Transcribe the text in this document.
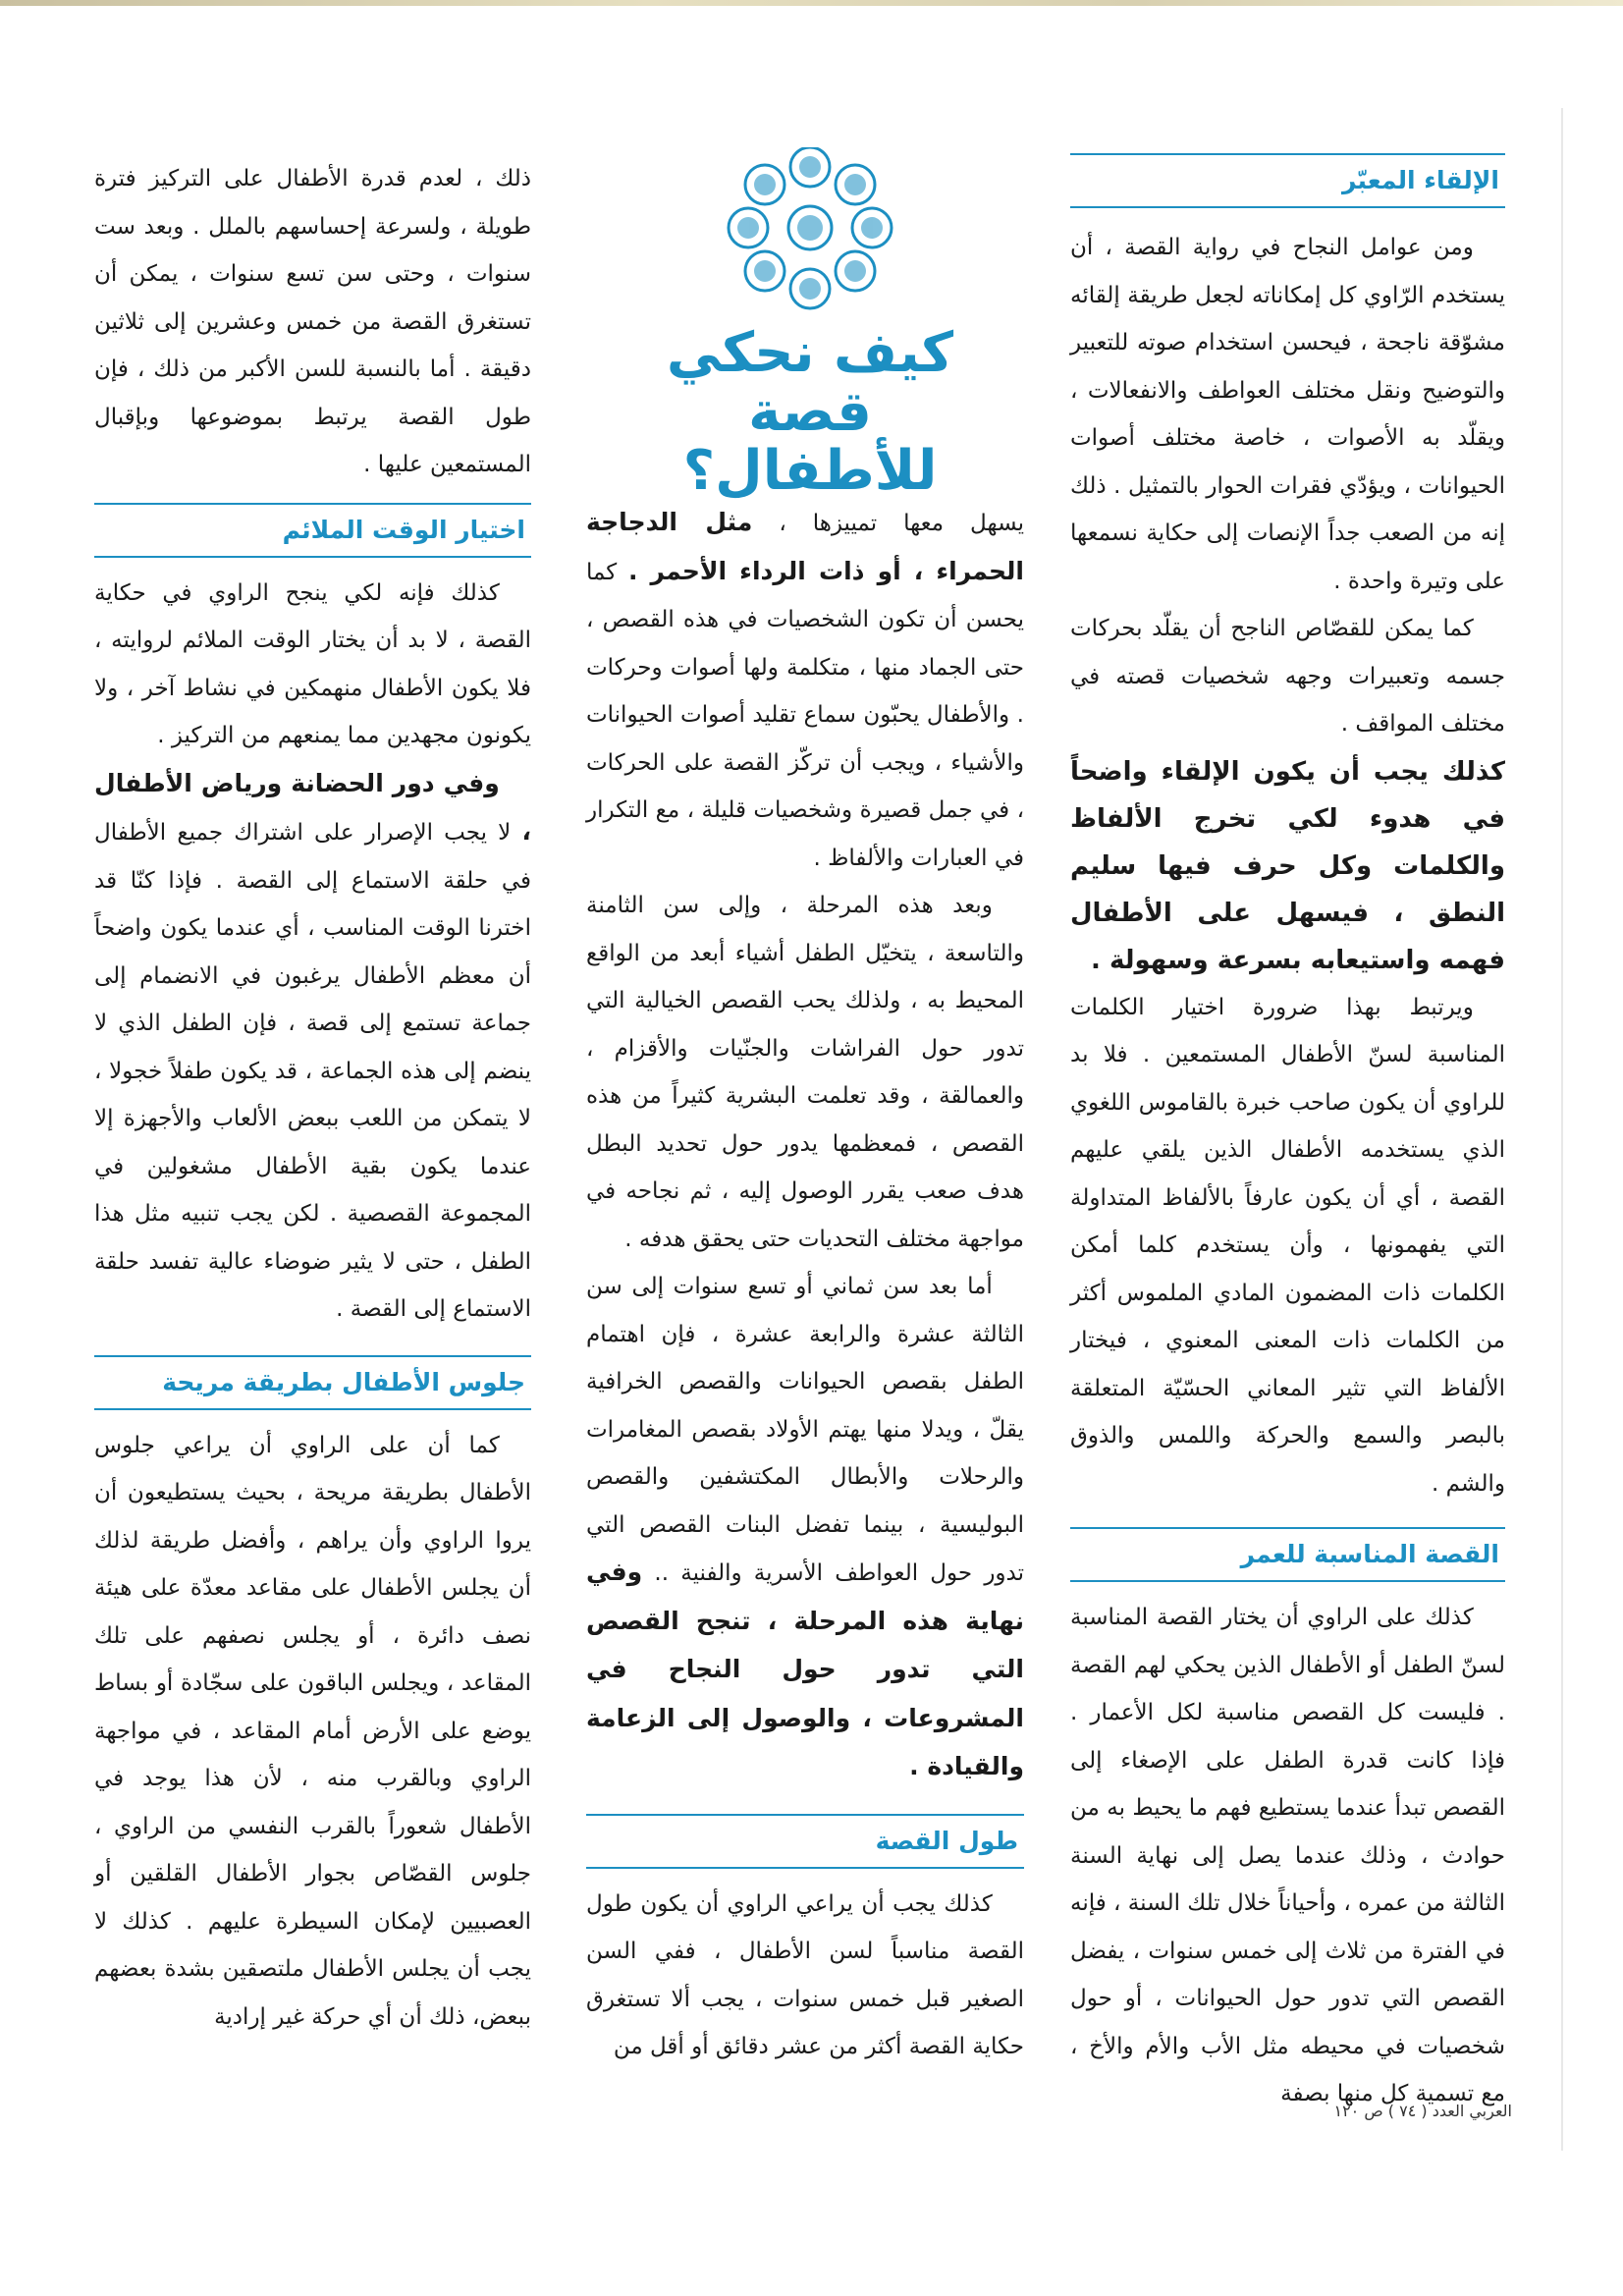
كيف نحكي
قصة للأطفال؟
الإلقاء المعبّر

ومن عوامل النجاح في رواية القصة ، أن يستخدم الرّاوي كل إمكاناته لجعل طريقة إلقائه مشوّقة ناجحة ، فيحسن استخدام صوته للتعبير والتوضيح ونقل مختلف العواطف والانفعالات ، ويقلّد به الأصوات ، خاصة مختلف أصوات الحيوانات ، ويؤدّي فقرات الحوار بالتمثيل . ذلك إنه من الصعب جداً الإنصات إلى حكاية نسمعها على وتيرة واحدة .

كما يمكن للقصّاص الناجح أن يقلّد بحركات جسمه وتعبيرات وجهه شخصيات قصته في مختلف المواقف .

كذلك يجب أن يكون الإلقاء واضحاً في هدوء لكي تخرج الألفاظ والكلمات وكل حرف فيها سليم النطق ، فيسهل على الأطفال فهمه واستيعابه بسرعة وسهولة .

ويرتبط بهذا ضرورة اختيار الكلمات المناسبة لسنّ الأطفال المستمعين . فلا بد للراوي أن يكون صاحب خبرة بالقاموس اللغوي الذي يستخدمه الأطفال الذين يلقي عليهم القصة ، أي أن يكون عارفاً بالألفاظ المتداولة التي يفهمونها ، وأن يستخدم كلما أمكن الكلمات ذات المضمون المادي الملموس أكثر من الكلمات ذات المعنى المعنوي ، فيختار الألفاظ التي تثير المعاني الحسّيّة المتعلقة بالبصر والسمع والحركة واللمس والذوق والشم .

القصة المناسبة للعمر

كذلك على الراوي أن يختار القصة المناسبة لسنّ الطفل أو الأطفال الذين يحكي لهم القصة . فليست كل القصص مناسبة لكل الأعمار . فإذا كانت قدرة الطفل على الإصغاء إلى القصص تبدأ عندما يستطيع فهم ما يحيط به من حوادث ، وذلك عندما يصل إلى نهاية السنة الثالثة من عمره ، وأحياناً خلال تلك السنة ، فإنه في الفترة من ثلاث إلى خمس سنوات ، يفضل القصص التي تدور حول الحيوانات ، أو حول شخصيات في محيطه مثل الأب والأم والأخ ، مع تسمية كل منها بصفة

يسهل معها تمييزها ، مثل الدجاجة الحمراء ، أو ذات الرداء الأحمر . كما يحسن أن تكون الشخصيات في هذه القصص ، حتى الجماد منها ، متكلمة ولها أصوات وحركات . والأطفال يحبّون سماع تقليد أصوات الحيوانات والأشياء ، ويجب أن تركّز القصة على الحركات ، في جمل قصيرة وشخصيات قليلة ، مع التكرار في العبارات والألفاظ .

وبعد هذه المرحلة ، وإلى سن الثامنة والتاسعة ، يتخيّل الطفل أشياء أبعد من الواقع المحيط به ، ولذلك يحب القصص الخيالية التي تدور حول الفراشات والجنّيات والأقزام ، والعمالقة ، وقد تعلمت البشرية كثيراً من هذه القصص ، فمعظمها يدور حول تحديد البطل هدف صعب يقرر الوصول إليه ، ثم نجاحه في مواجهة مختلف التحديات حتى يحقق هدفه .

أما بعد سن ثماني أو تسع سنوات إلى سن الثالثة عشرة والرابعة عشرة ، فإن اهتمام الطفل بقصص الحيوانات والقصص الخرافية يقلّ ، ويدلا منها يهتم الأولاد بقصص المغامرات والرحلات والأبطال المكتشفين والقصص البوليسية ، بينما تفضل البنات القصص التي تدور حول العواطف الأسرية والفنية .. وفي نهاية هذه المرحلة ، تنجح القصص التي تدور حول النجاح في المشروعات ، والوصول إلى الزعامة والقيادة .

طول القصة

كذلك يجب أن يراعي الراوي أن يكون طول القصة مناسباً لسن الأطفال ، ففي السن الصغير قبل خمس سنوات ، يجب ألا تستغرق حكاية القصة أكثر من عشر دقائق أو أقل من

ذلك ، لعدم قدرة الأطفال على التركيز فترة طويلة ، ولسرعة إحساسهم بالملل . وبعد ست سنوات ، وحتى سن تسع سنوات ، يمكن أن تستغرق القصة من خمس وعشرين إلى ثلاثين دقيقة . أما بالنسبة للسن الأكبر من ذلك ، فإن طول القصة يرتبط بموضوعها وبإقبال المستمعين عليها .

اختيار الوقت الملائم

كذلك فإنه لكي ينجح الراوي في حكاية القصة ، لا بد أن يختار الوقت الملائم لروايته ، فلا يكون الأطفال منهمكين في نشاط آخر ، ولا يكونون مجهدين مما يمنعهم من التركيز .

وفي دور الحضانة ورياض الأطفال ، لا يجب الإصرار على اشتراك جميع الأطفال في حلقة الاستماع إلى القصة . فإذا كنّا قد اخترنا الوقت المناسب ، أي عندما يكون واضحاً أن معظم الأطفال يرغبون في الانضمام إلى جماعة تستمع إلى قصة ، فإن الطفل الذي لا ينضم إلى هذه الجماعة ، قد يكون طفلاً خجولا ، لا يتمكن من اللعب ببعض الألعاب والأجهزة إلا عندما يكون بقية الأطفال مشغولين في المجموعة القصصية . لكن يجب تنبيه مثل هذا الطفل ، حتى لا يثير ضوضاء عالية تفسد حلقة الاستماع إلى القصة .

جلوس الأطفال بطريقة مريحة

كما أن على الراوي أن يراعي جلوس الأطفال بطريقة مريحة ، بحيث يستطيعون أن يروا الراوي وأن يراهم ، وأفضل طريقة لذلك أن يجلس الأطفال على مقاعد معدّة على هيئة نصف دائرة ، أو يجلس نصفهم على تلك المقاعد ، ويجلس الباقون على سجّادة أو بساط يوضع على الأرض أمام المقاعد ، في مواجهة الراوي وبالقرب منه ، لأن هذا يوجد في الأطفال شعوراً بالقرب النفسي من الراوي ، جلوس القصّاص بجوار الأطفال القلقين أو العصبيين لإمكان السيطرة عليهم . كذلك لا يجب أن يجلس الأطفال ملتصقين بشدة بعضهم ببعض، ذلك أن أي حركة غير إرادية

العربي العدد ( ٧٤ ) ص ١٢٠
